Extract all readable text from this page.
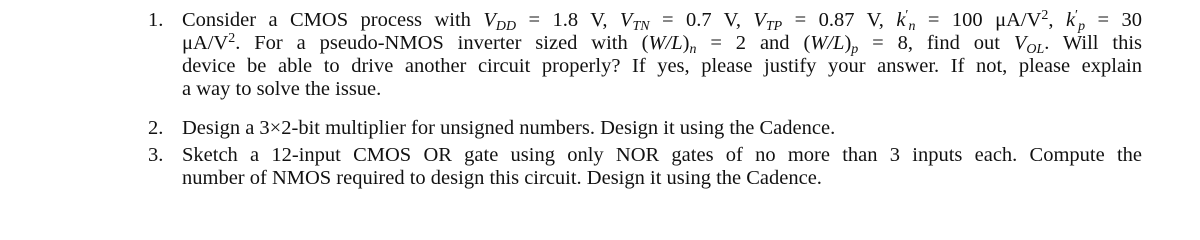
1. Consider a CMOS process with $V_{DD} = 1.8$ V, $V_{TN} = 0.7$ V, $V_{TP} = 0.87$ V, $k'_n = 100$ $\mu A/V^2$, $k'_p = 30$
$\mu A/V^2$. For a pseudo-NMOS inverter sized with $(W/L)_n = 2$ and $(W/L)_p = 8$, find out $V_{OL}$. Will this
device be able to drive another circuit properly? If yes, please justify your answer. If not, please explain
a way to solve the issue.
2. Design a 3×2-bit multiplier for unsigned numbers. Design it using the Cadence.
3. Sketch a 12-input CMOS OR gate using only NOR gates of no more than 3 inputs each. Compute the
number of NMOS required to design this circuit. Design it using the Cadence.
